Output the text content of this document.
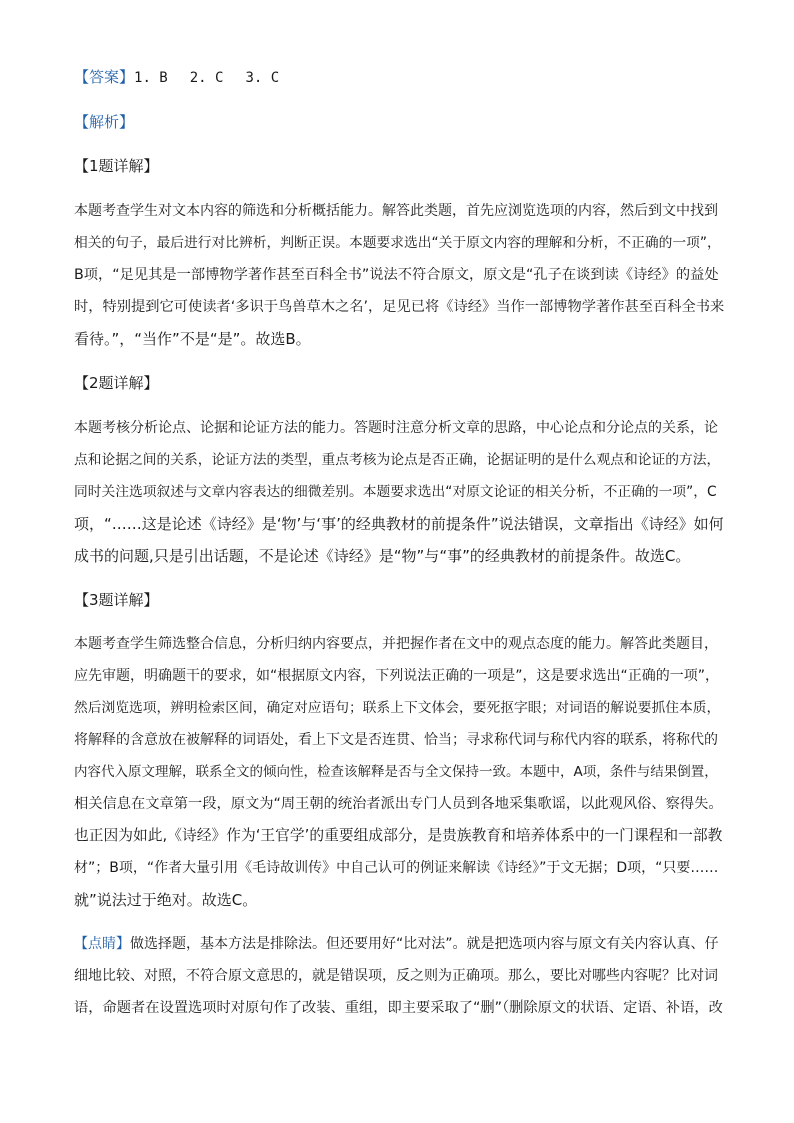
【答案】1. B 2. C 3. C
【解析】
【1题详解】
本题考查学生对文本内容的筛选和分析概括能力。解答此类题，首先应浏览选项的内容，然后到文中找到
相关的句子，最后进行对比辨析，判断正误。本题要求选出“关于原文内容的理解和分析，不正确的一项”，
B项，“足见其是一部博物学著作甚至百科全书”说法不符合原文，原文是“孔子在谈到读《诗经》的益处
时，特别提到它可使读者‘多识于鸟兽草木之名’，足见已将《诗经》当作一部博物学著作甚至百科全书来
看待。”，“当作”不是“是”。故选B。
【2题详解】
本题考核分析论点、论据和论证方法的能力。答题时注意分析文章的思路，中心论点和分论点的关系，论
点和论据之间的关系，论证方法的类型，重点考核为论点是否正确，论据证明的是什么观点和论证的方法，
同时关注选项叙述与文章内容表达的细微差别。本题要求选出“对原文论证的相关分析，不正确的一项”，C
项，“……这是论述《诗经》是‘物’与‘事’的经典教材的前提条件”说法错误，文章指出《诗经》如何
成书的问题,只是引出话题，不是论述《诗经》是“物”与“事”的经典教材的前提条件。故选C。
【3题详解】
本题考查学生筛选整合信息，分析归纳内容要点，并把握作者在文中的观点态度的能力。解答此类题目，
应先审题，明确题干的要求，如“根据原文内容，下列说法正确的一项是”，这是要求选出“正确的一项”，
然后浏览选项，辨明检索区间，确定对应语句；联系上下文体会，要死抠字眼；对词语的解说要抓住本质，
将解释的含意放在被解释的词语处，看上下文是否连贯、恰当；寻求称代词与称代内容的联系，将称代的
内容代入原文理解，联系全文的倾向性，检查该解释是否与全文保持一致。本题中，A项，条件与结果倒置，
相关信息在文章第一段，原文为“周王朝的统治者派出专门人员到各地采集歌谣，以此观风俗、察得失。
也正因为如此,《诗经》作为‘王官学’的重要组成部分，是贵族教育和培养体系中的一门课程和一部教
材”；B项，“作者大量引用《毛诗故训传》中自己认可的例证来解读《诗经》”于文无据；D项，“只要……
就”说法过于绝对。故选C。
【点睛】做选择题，基本方法是排除法。但还要用好“比对法”。就是把选项内容与原文有关内容认真、仔
细地比较、对照，不符合原文意思的，就是错误项，反之则为正确项。那么，要比对哪些内容呢？比对词
语，命题者在设置选项时对原句作了改装、重组，即主要采取了“删”（删除原文的状语、定语、补语，改
